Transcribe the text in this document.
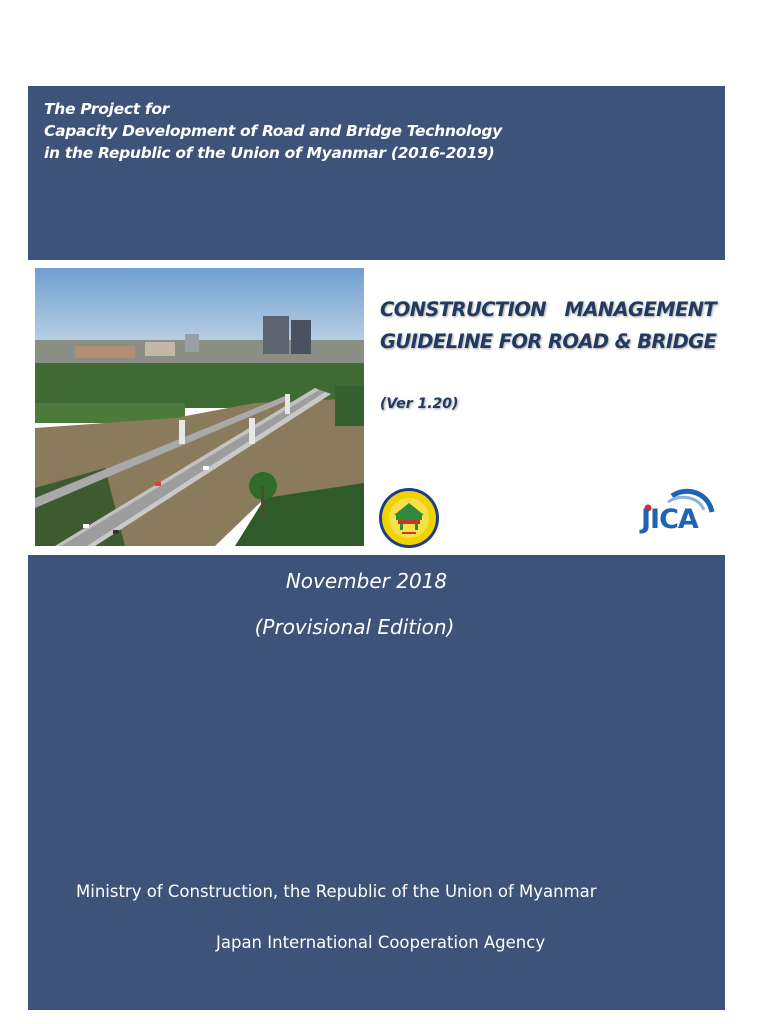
The Project for
Capacity Development of Road and Bridge Technology
in the Republic of the Union of Myanmar (2016-2019)

CONSTRUCTION   MANAGEMENT
GUIDELINE FOR ROAD & BRIDGE

(Ver 1.20)
JICA

November 2018

(Provisional Edition)

Ministry of Construction, the Republic of the Union of Myanmar

Japan International Cooperation Agency
